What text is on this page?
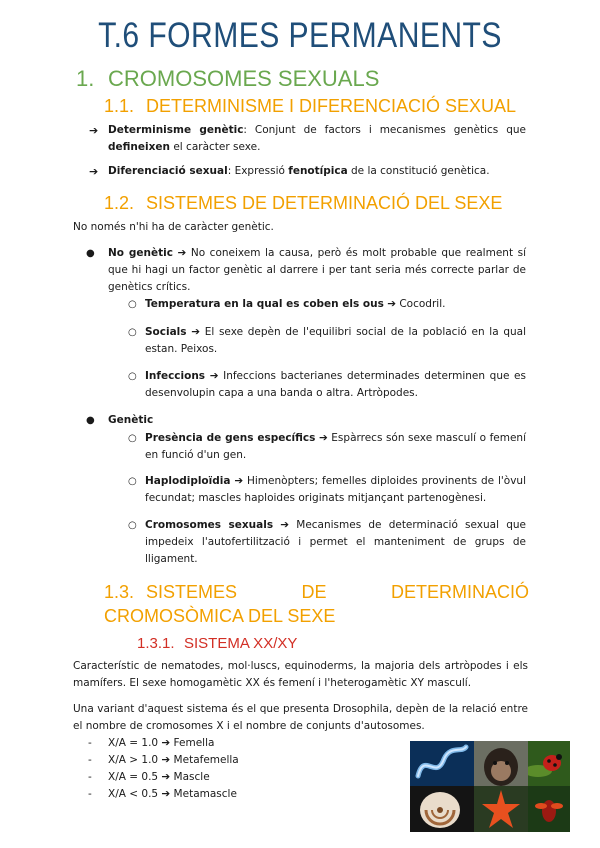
T.6 FORMES PERMANENTS
1. CROMOSOMES SEXUALS
1.1. DETERMINISME I DIFERENCIACIÓ SEXUAL
➔ Determinisme genètic: Conjunt de factors i mecanismes genètics que defineixen el caràcter sexe.
➔ Diferenciació sexual: Expressió fenotípica de la constitució genètica.
1.2. SISTEMES DE DETERMINACIÓ DEL SEXE
No només n'hi ha de caràcter genètic.
● No genètic ➔ No coneixem la causa, però és molt probable que realment sí que hi hagi un factor genètic al darrere i per tant seria més correcte parlar de genètics crítics.
○ Temperatura en la qual es coben els ous ➔ Cocodril.
○ Socials ➔ El sexe depèn de l'equilibri social de la població en la qual estan. Peixos.
○ Infeccions ➔ Infeccions bacterianes determinades determinen que es desenvolupin capa a una banda o altra. Artròpodes.
● Genètic
○ Presència de gens específics ➔ Espàrrecs són sexe masculí o femení en funció d'un gen.
○ Haplodiploïdia ➔ Himenòpters; femelles diploides provinents de l'òvul fecundat; mascles haploides originats mitjançant partenogènesi.
○ Cromosomes sexuals ➔ Mecanismes de determinació sexual que impedeix l'autofertilització i permet el manteniment de grups de lligament.
1.3. SISTEMES DE DETERMINACIÓ CROMOSÒMICA DEL SEXE
1.3.1. SISTEMA XX/XY
Característic de nematodes, mol·luscs, equinoderms, la majoria dels artròpodes i els mamífers. El sexe homogamètic XX és femení i l'heterogamètic XY masculí.
Una variant d'aquest sistema és el que presenta Drosophila, depèn de la relació entre el nombre de cromosomes X i el nombre de conjunts d'autosomes.
- X/A = 1.0 ➔ Femella
- X/A > 1.0 ➔ Metafemella
- X/A = 0.5 ➔ Mascle
- X/A < 0.5 ➔ Metamascle
